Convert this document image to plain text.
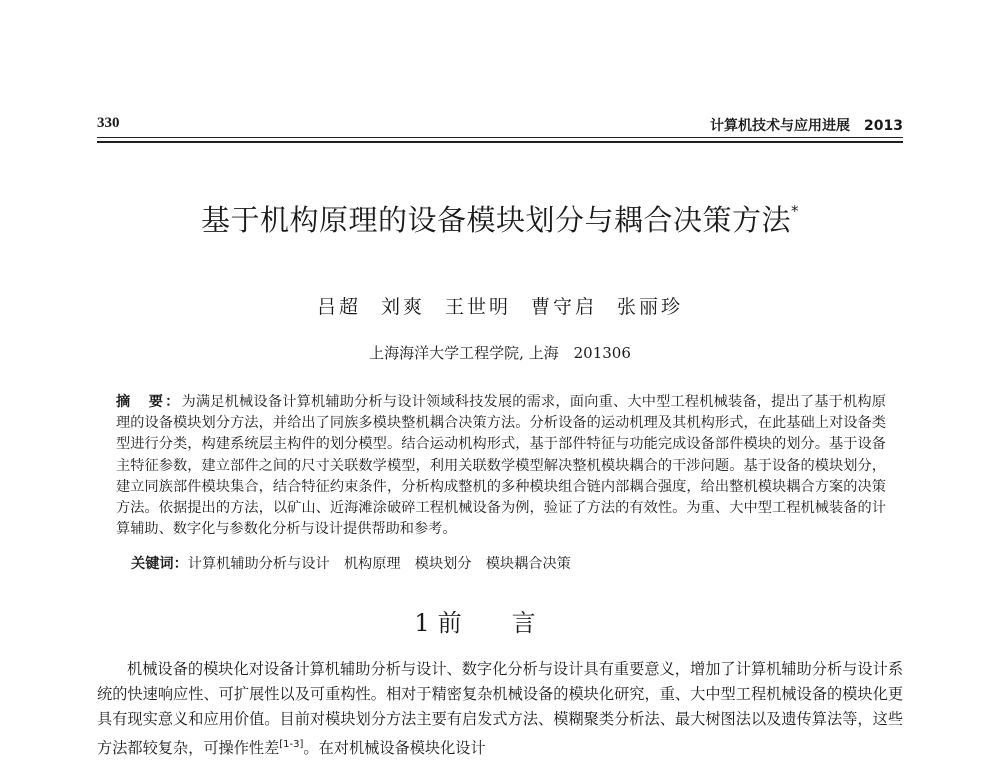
330	计算机技术与应用进展　2013
基于机构原理的设备模块划分与耦合决策方法*
吕超 刘爽 王世明 曹守启 张丽珍
上海海洋大学工程学院, 上海　201306
摘　要：为满足机械设备计算机辅助分析与设计领域科技发展的需求，面向重、大中型工程机械装备，提出了基于机构原理的设备模块划分方法，并给出了同族多模块整机耦合决策方法。分析设备的运动机理及其机构形式，在此基础上对设备类型进行分类，构建系统层主构件的划分模型。结合运动机构形式，基于部件特征与功能完成设备部件模块的划分。基于设备主特征参数，建立部件之间的尺寸关联数学模型，利用关联数学模型解决整机模块耦合的干涉问题。基于设备的模块划分，建立同族部件模块集合，结合特征约束条件，分析构成整机的多种模块组合链内部耦合强度，给出整机模块耦合方案的决策方法。依据提出的方法，以矿山、近海滩涂破碎工程机械设备为例，验证了方法的有效性。为重、大中型工程机械装备的计算辅助、数字化与参数化分析与设计提供帮助和参考。
关键词：计算机辅助分析与设计　机构原理　模块划分　模块耦合决策
1 前言
机械设备的模块化对设备计算机辅助分析与设计、数字化分析与设计具有重要意义，增加了计算机辅助分析与设计系统的快速响应性、可扩展性以及可重构性。相对于精密复杂机械设备的模块化研究，重、大中型工程机械设备的模块化更具有现实意义和应用价值。目前对模块划分方法主要有启发式方法、模糊聚类分析法、最大树图法以及遗传算法等，这些方法都较复杂，可操作性差[1-3]。在对机械设备模块化设计
